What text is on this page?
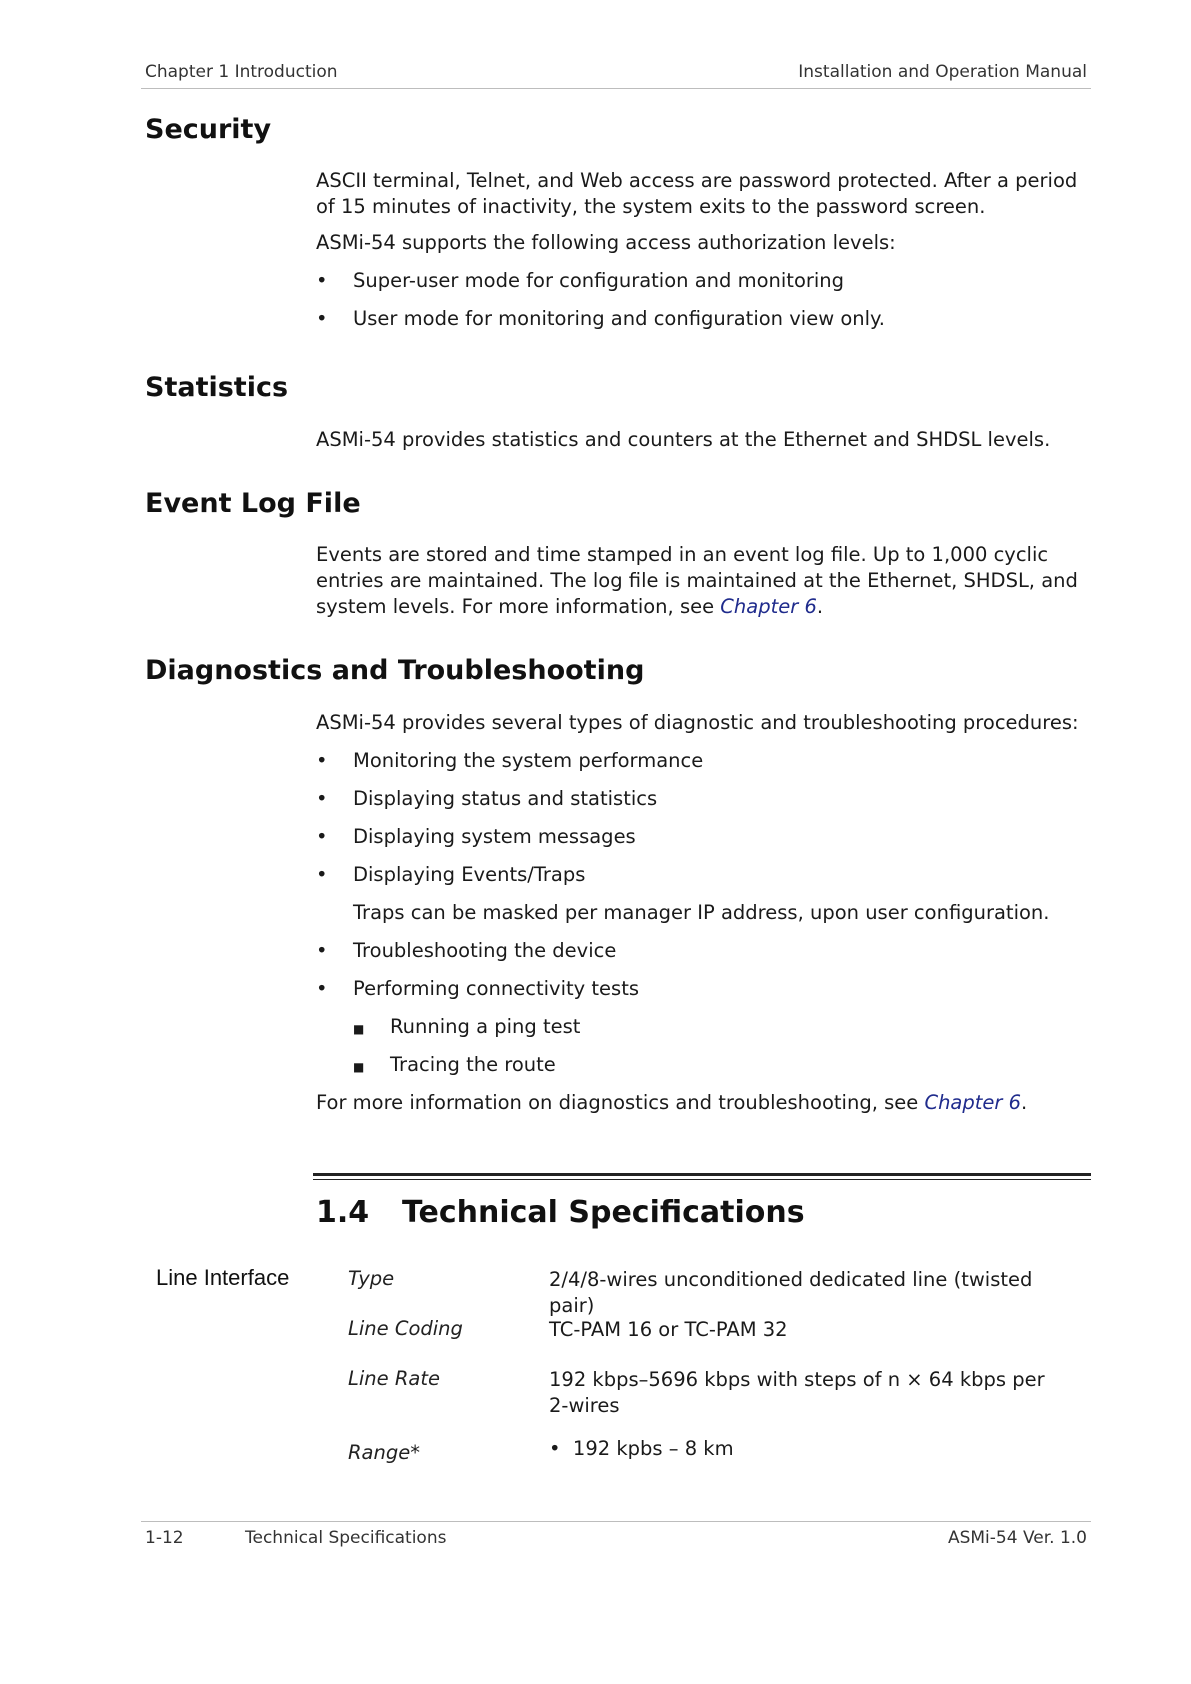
Chapter 1 Introduction	Installation and Operation Manual
Security

ASCII terminal, Telnet, and Web access are password protected. After a period of 15 minutes of inactivity, the system exits to the password screen.

ASMi-54 supports the following access authorization levels:

• Super-user mode for configuration and monitoring
• User mode for monitoring and configuration view only.
Statistics

ASMi-54 provides statistics and counters at the Ethernet and SHDSL levels.

Event Log File

Events are stored and time stamped in an event log file. Up to 1,000 cyclic entries are maintained. The log file is maintained at the Ethernet, SHDSL, and system levels. For more information, see Chapter 6.

Diagnostics and Troubleshooting

ASMi-54 provides several types of diagnostic and troubleshooting procedures:

• Monitoring the system performance
• Displaying status and statistics
• Displaying system messages
• Displaying Events/Traps
Traps can be masked per manager IP address, upon user configuration.
• Troubleshooting the device
• Performing connectivity tests
■ Running a ping test
■ Tracing the route

For more information on diagnostics and troubleshooting, see Chapter 6.

1.4 Technical Specifications
Line Interface	Type	2/4/8-wires unconditioned dedicated line (twisted pair)
Line Coding	TC-PAM 16 or TC-PAM 32
Line Rate	192 kbps–5696 kbps with steps of n × 64 kbps per 2-wires
Range*	• 192 kpbs – 8 km
1-12	Technical Specifications	ASMi-54 Ver. 1.0
